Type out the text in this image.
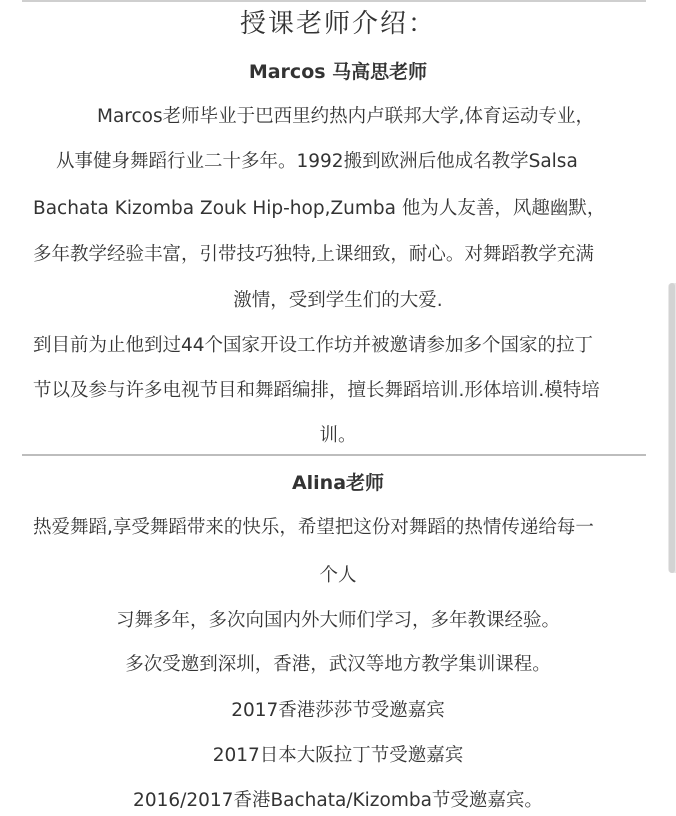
授课老师介绍：
Marcos 马高思老师
Marcos老师毕业于巴西里约热内卢联邦大学,体育运动专业，
从事健身舞蹈行业二十多年。1992搬到欧洲后他成名教学Salsa
Bachata Kizomba Zouk Hip-hop,Zumba 他为人友善，风趣幽默，
多年教学经验丰富，引带技巧独特,上课细致，耐心。对舞蹈教学充满
激情，受到学生们的大爱.
到目前为止他到过44个国家开设工作坊并被邀请参加多个国家的拉丁
节以及参与许多电视节目和舞蹈编排，擅长舞蹈培训.形体培训.模特培
训。
Alina老师
热爱舞蹈,享受舞蹈带来的快乐，希望把这份对舞蹈的热情传递给每一
个人
习舞多年，多次向国内外大师们学习，多年教课经验。
多次受邀到深圳，香港，武汉等地方教学集训课程。
2017香港莎莎节受邀嘉宾
2017日本大阪拉丁节受邀嘉宾
2016/2017香港Bachata/Kizomba节受邀嘉宾。
